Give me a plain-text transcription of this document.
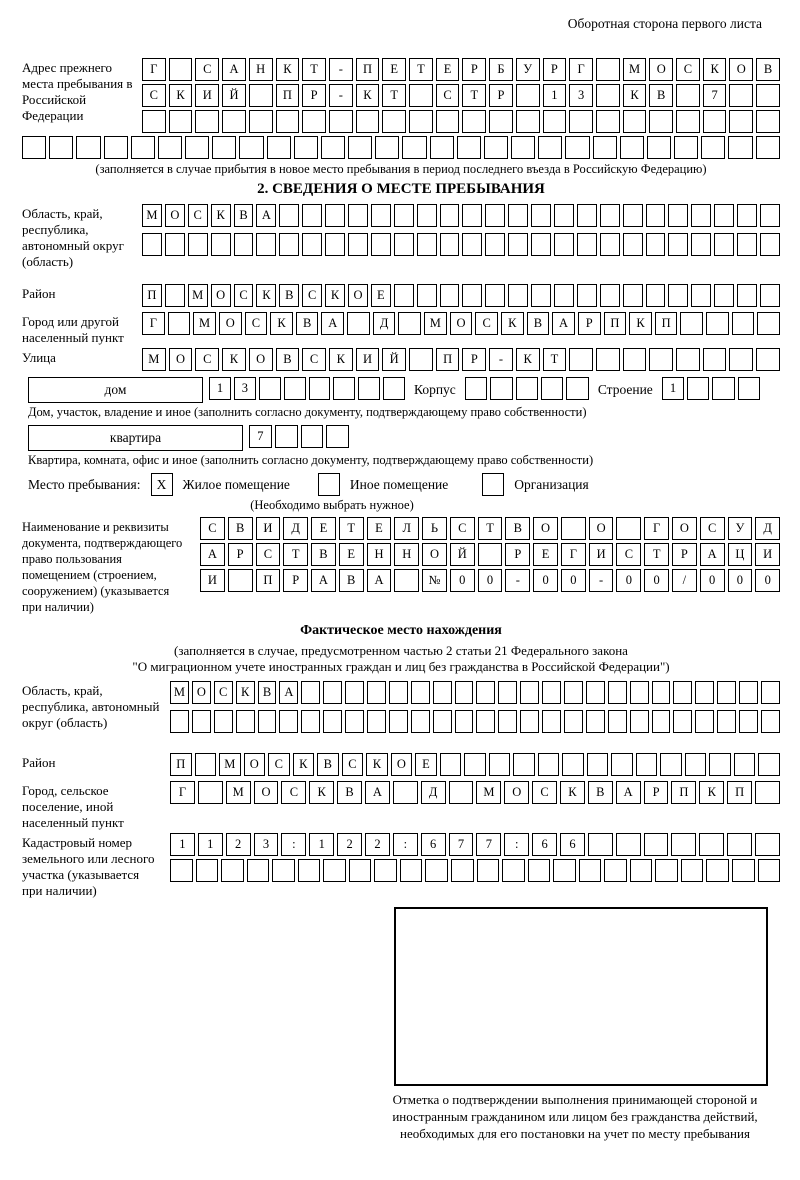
Оборотная сторона первого листа
Адрес прежнего места пребывания в Российской Федерации
Г	С	А	Н	К	Т	-	П	Е	Т	Е	Р	Б	У	Р	Г	М	О	С	К	О	В
С	К	И	Й	П	Р	-	К	Т	С	Т	Р	1	3	К	В	7
(заполняется в случае прибытия в новое место пребывания в период последнего въезда в Российскую Федерацию)
2. СВЕДЕНИЯ О МЕСТЕ ПРЕБЫВАНИЯ
Область, край, республика, автономный округ (область)
М	О	С	К	В	А
Район	П	М	О	С	К	В	С	К	О	Е
Город или другой населенный пункт
Г	М	О	С	К	В	А	Д	М	О	С	К	В	А	Р	П	К	П
Улица	М	О	С	К	О	В	С	К	И	Й	П	Р	-	К	Т
дом	1	3	Корпус	Строение	1
Дом, участок, владение и иное (заполнить согласно документу, подтверждающему право собственности)
квартира	7
Квартира, комната, офис и иное (заполнить согласно документу, подтверждающему право собственности)
Место пребывания:	X	Жилое помещение	Иное помещение	Организация
(Необходимо выбрать нужное)
Наименование и реквизиты документа, подтверждающего право пользования помещением (строением, сооружением) (указывается при наличии)
С	В	И	Д	Е	Т	Е	Л	Ь	С	Т	В	О	О	Г	О	С	У	Д
А	Р	С	Т	В	Е	Н	Н	О	Й	Р	Е	Г	И	С	Т	Р	А	Ц	И
И	П	Р	А	В	А	№	0	0	-	0	0	-	0	0	/	0	0	0
Фактическое место нахождения
(заполняется в случае, предусмотренном частью 2 статьи 21 Федерального закона
"О миграционном учете иностранных граждан и лиц без гражданства в Российской Федерации")
Область, край, республика, автономный округ (область)
М О	С	К	В	А
Район	П	М	О	С	К	В	С	К	О	Е
Город, сельское поселение, иной населенный пункт
Г	М	О	С	К	В	А	Д	М	О	С	К	В	А	Р	П	К	П
Кадастровый номер земельного или лесного участка (указывается при наличии)
1	1	2	3	:	1	2	2	:	6	7	7	:	6	6
Отметка о подтверждении выполнения принимающей стороной и иностранным гражданином или лицом без гражданства действий, необходимых для его постановки на учет по месту пребывания
